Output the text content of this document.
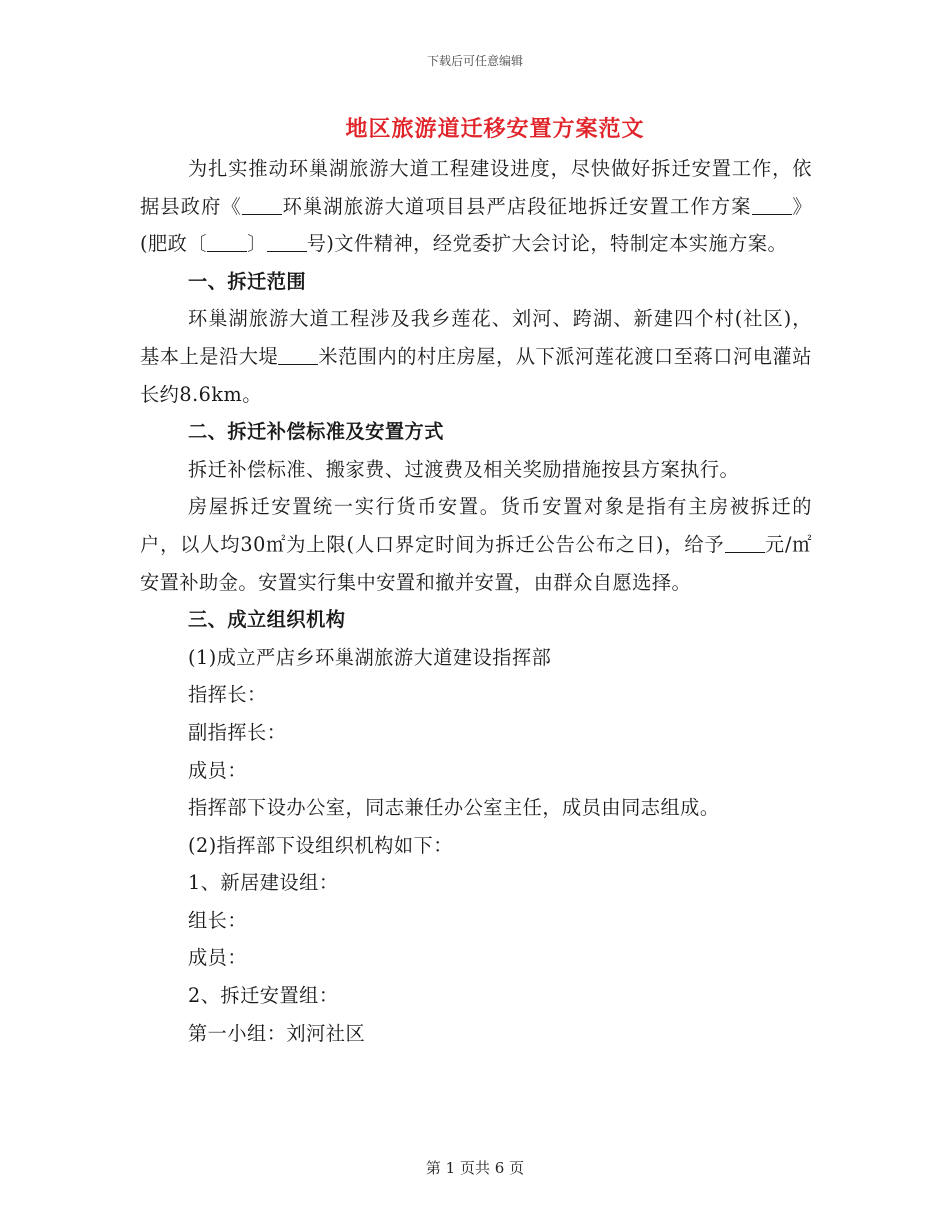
下载后可任意编辑
地区旅游道迁移安置方案范文

为扎实推动环巢湖旅游大道工程建设进度，尽快做好拆迁安置工作，依据县政府《 环巢湖旅游大道项目县严店段征地拆迁安置工作方案 》(肥政〔 〕 号)文件精神，经党委扩大会讨论，特制定本实施方案。

一、拆迁范围

环巢湖旅游大道工程涉及我乡莲花、刘河、跨湖、新建四个村(社区)，基本上是沿大堤 米范围内的村庄房屋，从下派河莲花渡口至蒋口河电灌站长约8.6km。

二、拆迁补偿标准及安置方式

拆迁补偿标准、搬家费、过渡费及相关奖励措施按县方案执行。

房屋拆迁安置统一实行货币安置。货币安置对象是指有主房被拆迁的户，以人均30㎡为上限(人口界定时间为拆迁公告公布之日)，给予 元/㎡安置补助金。安置实行集中安置和撤并安置，由群众自愿选择。

三、成立组织机构

(1)成立严店乡环巢湖旅游大道建设指挥部

指挥长：

副指挥长：

成员：

指挥部下设办公室，同志兼任办公室主任，成员由同志组成。

(2)指挥部下设组织机构如下：

1、新居建设组：

组长：

成员：

2、拆迁安置组：

第一小组：刘河社区

第 1 页共 6 页
